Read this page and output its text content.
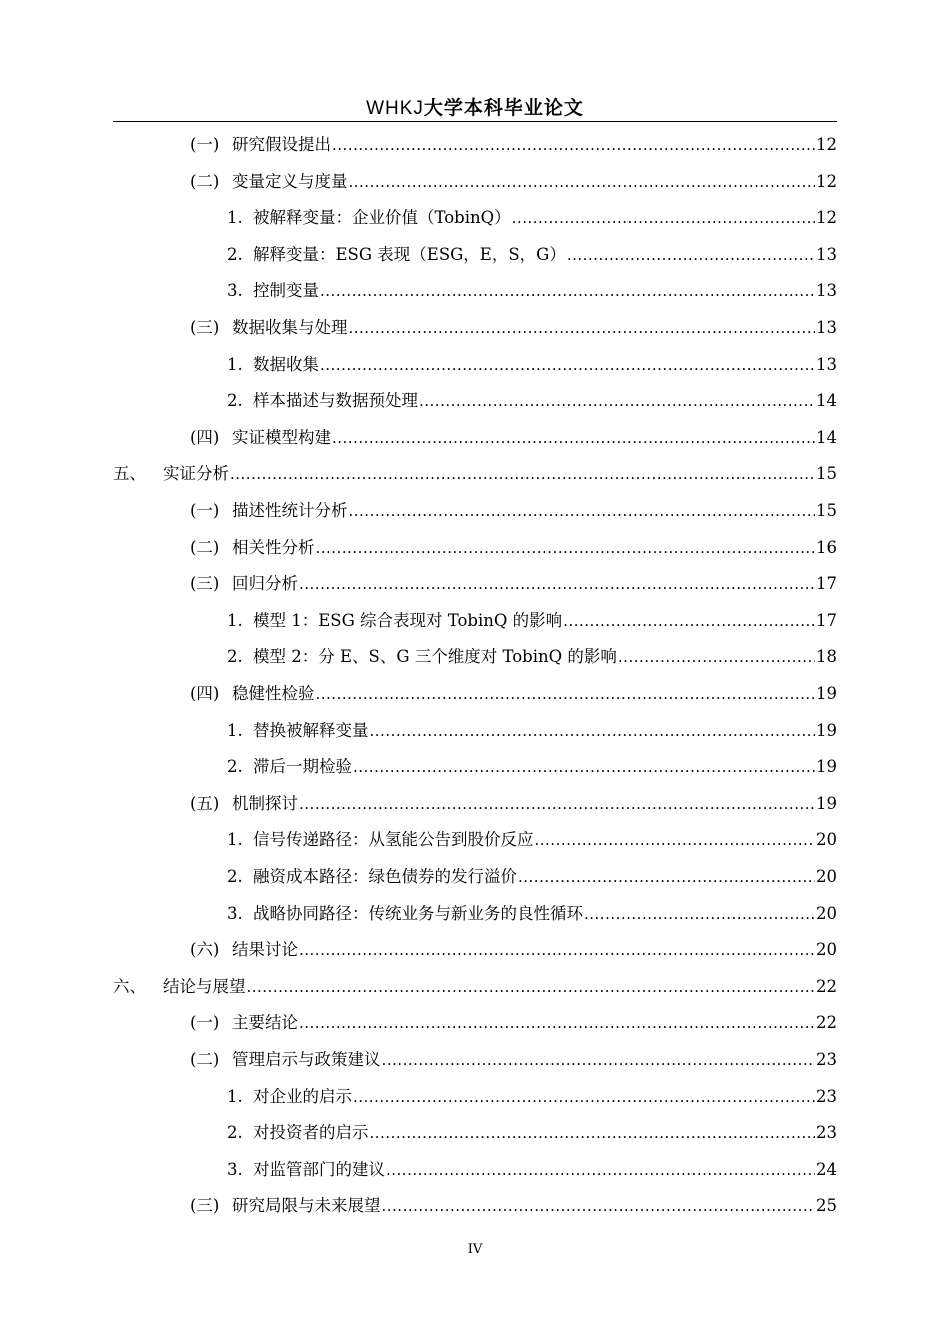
WHKJ大学本科毕业论文
(一) 研究假设提出 .....	12
(二) 变量定义与度量 .....	12
1. 被解释变量：企业价值（TobinQ） .....	12
2. 解释变量：ESG 表现（ESG，E，S，G） .....	13
3. 控制变量 .....	13
(三) 数据收集与处理 .....	13
1. 数据收集 .....	13
2. 样本描述与数据预处理 .....	14
(四) 实证模型构建 .....	14
五、	实证分析 .....	15
(一) 描述性统计分析 .....	15
(二) 相关性分析 .....	16
(三) 回归分析 .....	17
1. 模型 1：ESG 综合表现对 TobinQ 的影响 .....	17
2. 模型 2：分 E、S、G 三个维度对 TobinQ 的影响 .....	18
(四) 稳健性检验 .....	19
1. 替换被解释变量 .....	19
2. 滞后一期检验 .....	19
(五) 机制探讨 .....	19
1. 信号传递路径：从氢能公告到股价反应 .....	20
2. 融资成本路径：绿色债券的发行溢价 .....	20
3. 战略协同路径：传统业务与新业务的良性循环 .....	20
(六) 结果讨论 .....	20
六、	结论与展望 .....	22
(一) 主要结论 .....	22
(二) 管理启示与政策建议 .....	23
1. 对企业的启示 .....	23
2. 对投资者的启示 .....	23
3. 对监管部门的建议 .....	24
(三) 研究局限与未来展望 .....	25
IV
